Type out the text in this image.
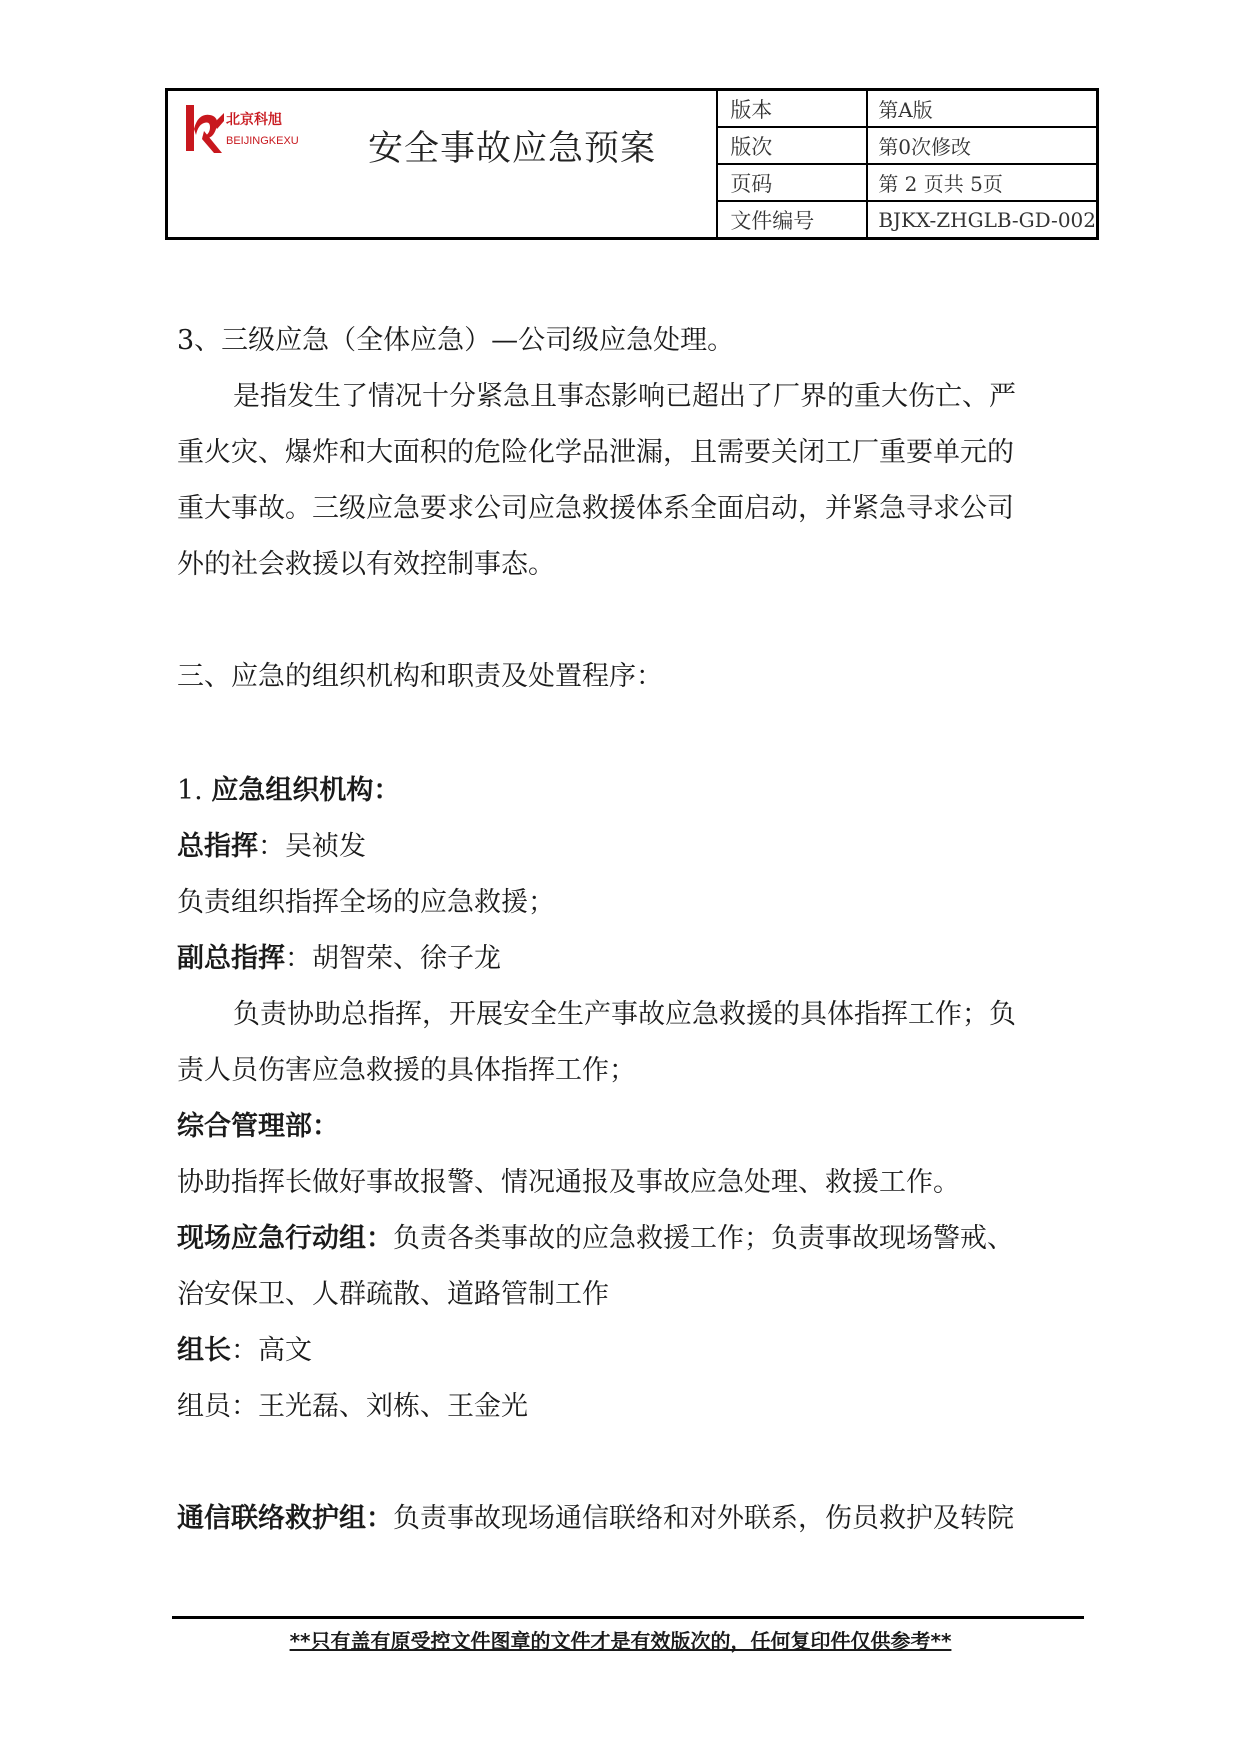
北京科旭
BEIJINGKEXU 安全事故应急预案
版本	第A版
版次	第0次修改
页码	第 2 页共 5页
文件编号	BJKX-ZHGLB-GD-002
3、三级应急（全体应急）—公司级应急处理。
是指发生了情况十分紧急且事态影响已超出了厂界的重大伤亡、严
重火灾、爆炸和大面积的危险化学品泄漏，且需要关闭工厂重要单元的
重大事故。三级应急要求公司应急救援体系全面启动，并紧急寻求公司
外的社会救援以有效控制事态。
三、应急的组织机构和职责及处置程序：
1. 应急组织机构：
总指挥：吴祯发
负责组织指挥全场的应急救援；
副总指挥：胡智荣、徐子龙
负责协助总指挥，开展安全生产事故应急救援的具体指挥工作；负
责人员伤害应急救援的具体指挥工作；
综合管理部：
协助指挥长做好事故报警、情况通报及事故应急处理、救援工作。
现场应急行动组：负责各类事故的应急救援工作；负责事故现场警戒、
治安保卫、人群疏散、道路管制工作
组长：高文
组员：王光磊、刘栋、王金光
通信联络救护组：负责事故现场通信联络和对外联系，伤员救护及转院
**只有盖有原受控文件图章的文件才是有效版次的，任何复印件仅供参考**
